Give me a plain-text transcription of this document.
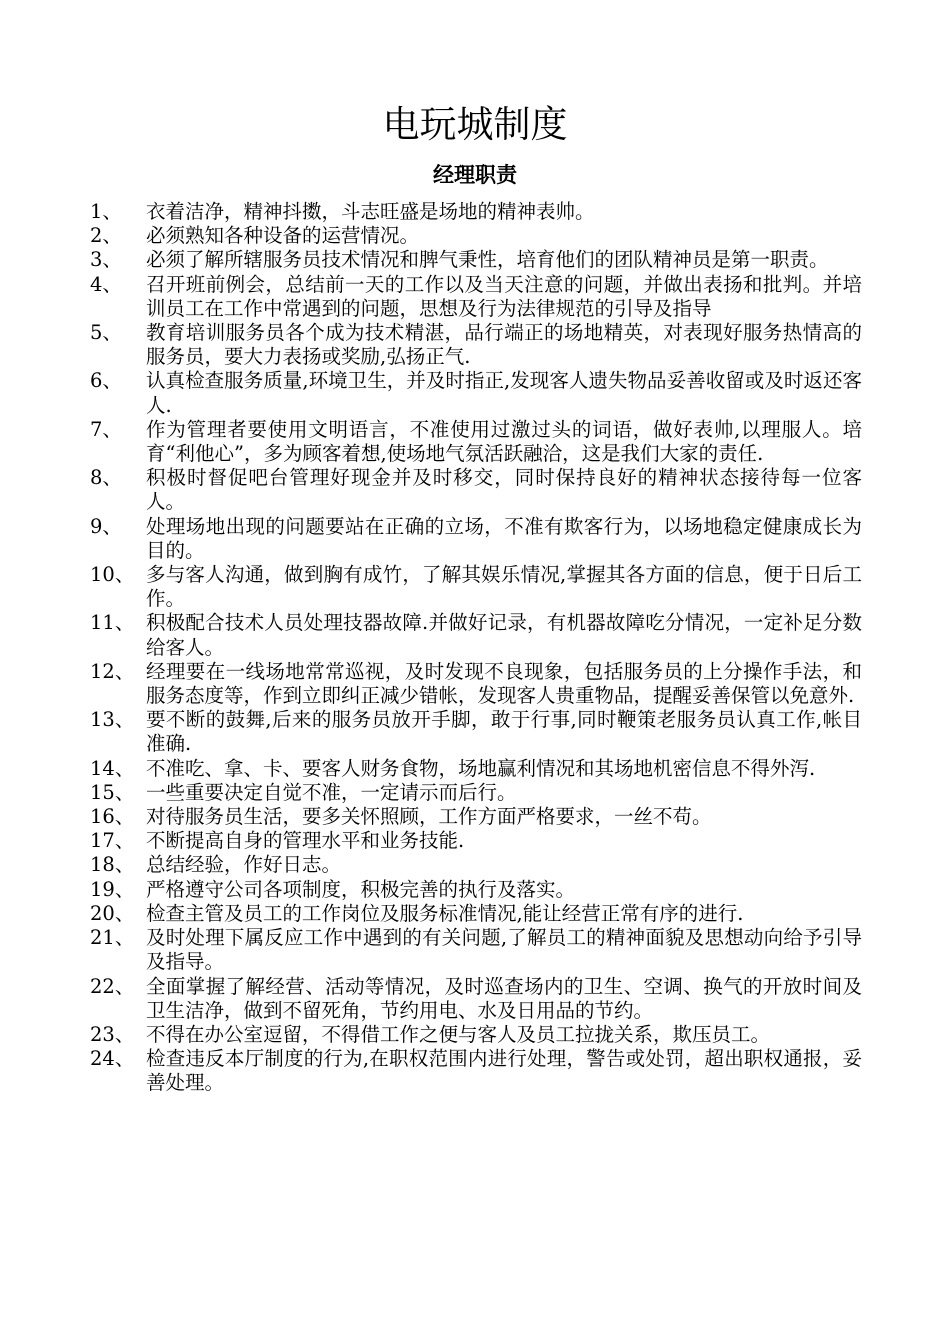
电玩城制度
经理职责
1、	衣着洁净，精神抖擞，斗志旺盛是场地的精神表帅。
2、	必须熟知各种设备的运营情况。
3、	必须了解所辖服务员技术情况和脾气秉性，培育他们的团队精神员是第一职责。
4、	召开班前例会，总结前一天的工作以及当天注意的问题，并做出表扬和批判。并培训员工在工作中常遇到的问题，思想及行为法律规范的引导及指导
5、	教育培训服务员各个成为技术精湛，品行端正的场地精英，对表现好服务热情高的服务员，要大力表扬或奖励,弘扬正气.
6、	认真检查服务质量,环境卫生，并及时指正,发现客人遗失物品妥善收留或及时返还客人.
7、	作为管理者要使用文明语言，不准使用过激过头的词语，做好表帅,以理服人。培育“利他心”，多为顾客着想,使场地气氛活跃融洽，这是我们大家的责任.
8、	积极时督促吧台管理好现金并及时移交，同时保持良好的精神状态接待每一位客人。
9、	处理场地出现的问题要站在正确的立场，不准有欺客行为，以场地稳定健康成长为目的。
10、 多与客人沟通，做到胸有成竹，了解其娱乐情况,掌握其各方面的信息，便于日后工作。
11、 积极配合技术人员处理技器故障.并做好记录，有机器故障吃分情况，一定补足分数给客人。
12、 经理要在一线场地常常巡视，及时发现不良现象，包括服务员的上分操作手法，和服务态度等，作到立即纠正减少错帐，发现客人贵重物品，提醒妥善保管以免意外.
13、 要不断的鼓舞,后来的服务员放开手脚，敢于行事,同时鞭策老服务员认真工作,帐目准确.
14、 不准吃、拿、卡、要客人财务食物，场地赢利情况和其场地机密信息不得外泻.
15、 一些重要决定自觉不准，一定请示而后行。
16、 对待服务员生活，要多关怀照顾，工作方面严格要求，一丝不苟。
17、 不断提高自身的管理水平和业务技能.
18、 总结经验，作好日志。
19、 严格遵守公司各项制度，积极完善的执行及落实。
20、 检查主管及员工的工作岗位及服务标准情况,能让经营正常有序的进行.
21、 及时处理下属反应工作中遇到的有关问题,了解员工的精神面貌及思想动向给予引导及指导。
22、 全面掌握了解经营、活动等情况，及时巡查场内的卫生、空调、换气的开放时间及卫生洁净，做到不留死角，节约用电、水及日用品的节约。
23、 不得在办公室逗留，不得借工作之便与客人及员工拉拢关系，欺压员工。
24、 检查违反本厅制度的行为,在职权范围内进行处理，警告或处罚，超出职权通报，妥善处理。
